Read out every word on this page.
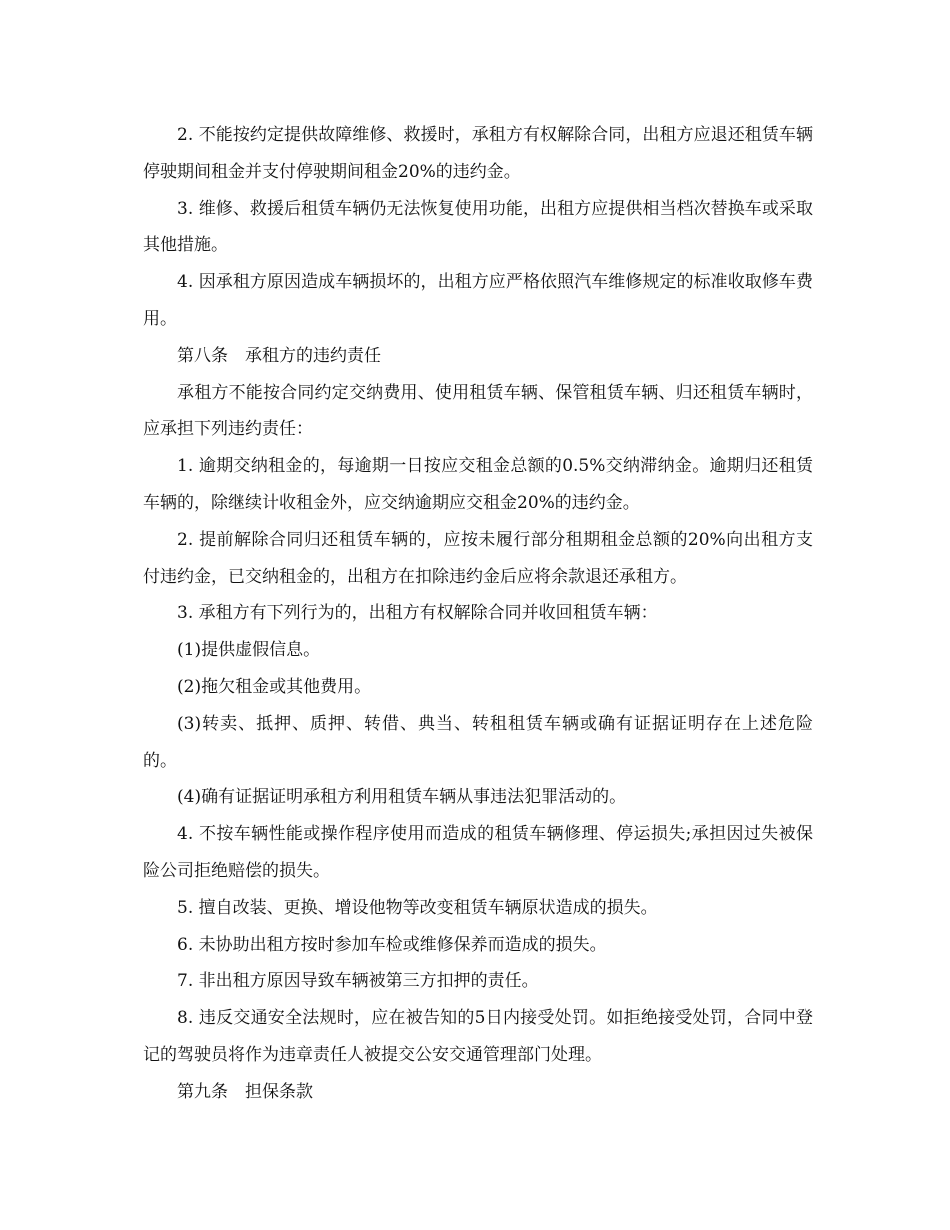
2. 不能按约定提供故障维修、救援时，承租方有权解除合同，出租方应退还租赁车辆停驶期间租金并支付停驶期间租金20%的违约金。

3. 维修、救援后租赁车辆仍无法恢复使用功能，出租方应提供相当档次替换车或采取其他措施。

4. 因承租方原因造成车辆损坏的，出租方应严格依照汽车维修规定的标准收取修车费用。

第八条　承租方的违约责任

承租方不能按合同约定交纳费用、使用租赁车辆、保管租赁车辆、归还租赁车辆时，应承担下列违约责任：

1. 逾期交纳租金的，每逾期一日按应交租金总额的0.5%交纳滞纳金。逾期归还租赁车辆的，除继续计收租金外，应交纳逾期应交租金20%的违约金。

2. 提前解除合同归还租赁车辆的，应按未履行部分租期租金总额的20%向出租方支付违约金，已交纳租金的，出租方在扣除违约金后应将余款退还承租方。

3. 承租方有下列行为的，出租方有权解除合同并收回租赁车辆：

(1)提供虚假信息。

(2)拖欠租金或其他费用。

(3)转卖、抵押、质押、转借、典当、转租租赁车辆或确有证据证明存在上述危险的。

(4)确有证据证明承租方利用租赁车辆从事违法犯罪活动的。

4. 不按车辆性能或操作程序使用而造成的租赁车辆修理、停运损失;承担因过失被保险公司拒绝赔偿的损失。

5. 擅自改装、更换、增设他物等改变租赁车辆原状造成的损失。

6. 未协助出租方按时参加车检或维修保养而造成的损失。

7. 非出租方原因导致车辆被第三方扣押的责任。

8. 违反交通安全法规时，应在被告知的5日内接受处罚。如拒绝接受处罚，合同中登记的驾驶员将作为违章责任人被提交公安交通管理部门处理。

第九条　担保条款
